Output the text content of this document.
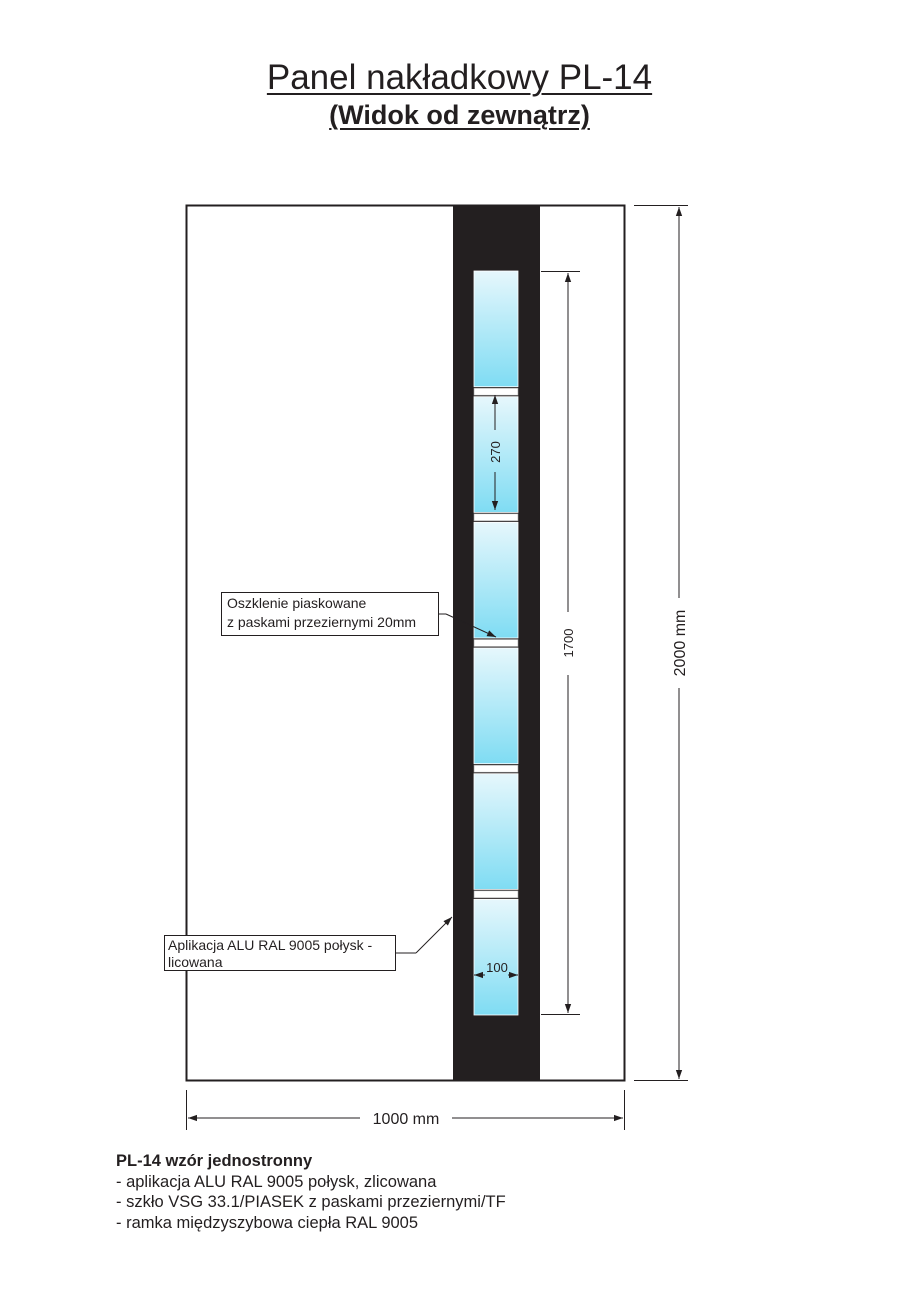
Panel nakładkowy PL-14
(Widok od zewnątrz)
1000 mm
2000 mm
1700
270
100
Oszklenie piaskowane
z paskami przeziernymi 20mm
Aplikacja ALU RAL 9005 połysk -
licowana
PL-14 wzór jednostronny
- aplikacja ALU RAL 9005 połysk, zlicowana
- szkło VSG 33.1/PIASEK z paskami przeziernymi/TF
- ramka międzyszybowa ciepła RAL 9005
